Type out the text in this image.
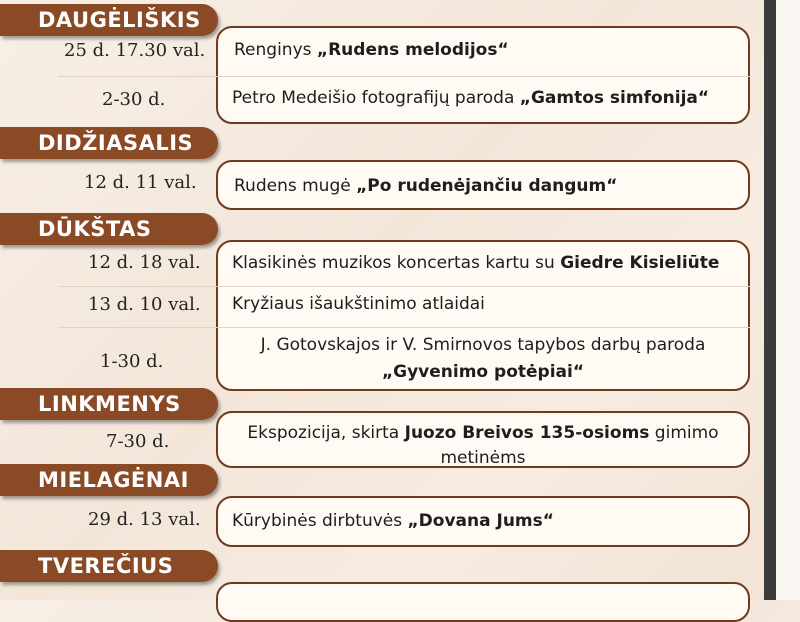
DAUGĖLIŠKIS
25 d. 17.30 val. Renginys „Rudens melodijos“
2-30 d.	Petro Medeišio fotografijų paroda „Gamtos simfonija“
DIDŽIASALIS
12 d. 11 val. Rudens mugė „Po rudenėjančiu dangum“
DŪKŠTAS
12 d. 18 val. Klasikinės muzikos koncertas kartu su Giedre Kisieliūte
13 d. 10 val. Kryžiaus išaukštinimo atlaidai
1-30 d.
J. Gotovskajos ir V. Smirnovos tapybos darbų paroda
„Gyvenimo potėpiai“
LINKMENYS
7-30 d.	Ekspozicija, skirta Juozo Breivos 135-osioms gimimo
metinėms
MIELAGĖNAI
29 d. 13 val. Kūrybinės dirbtuvės „Dovana Jums“
TVEREČIUS
